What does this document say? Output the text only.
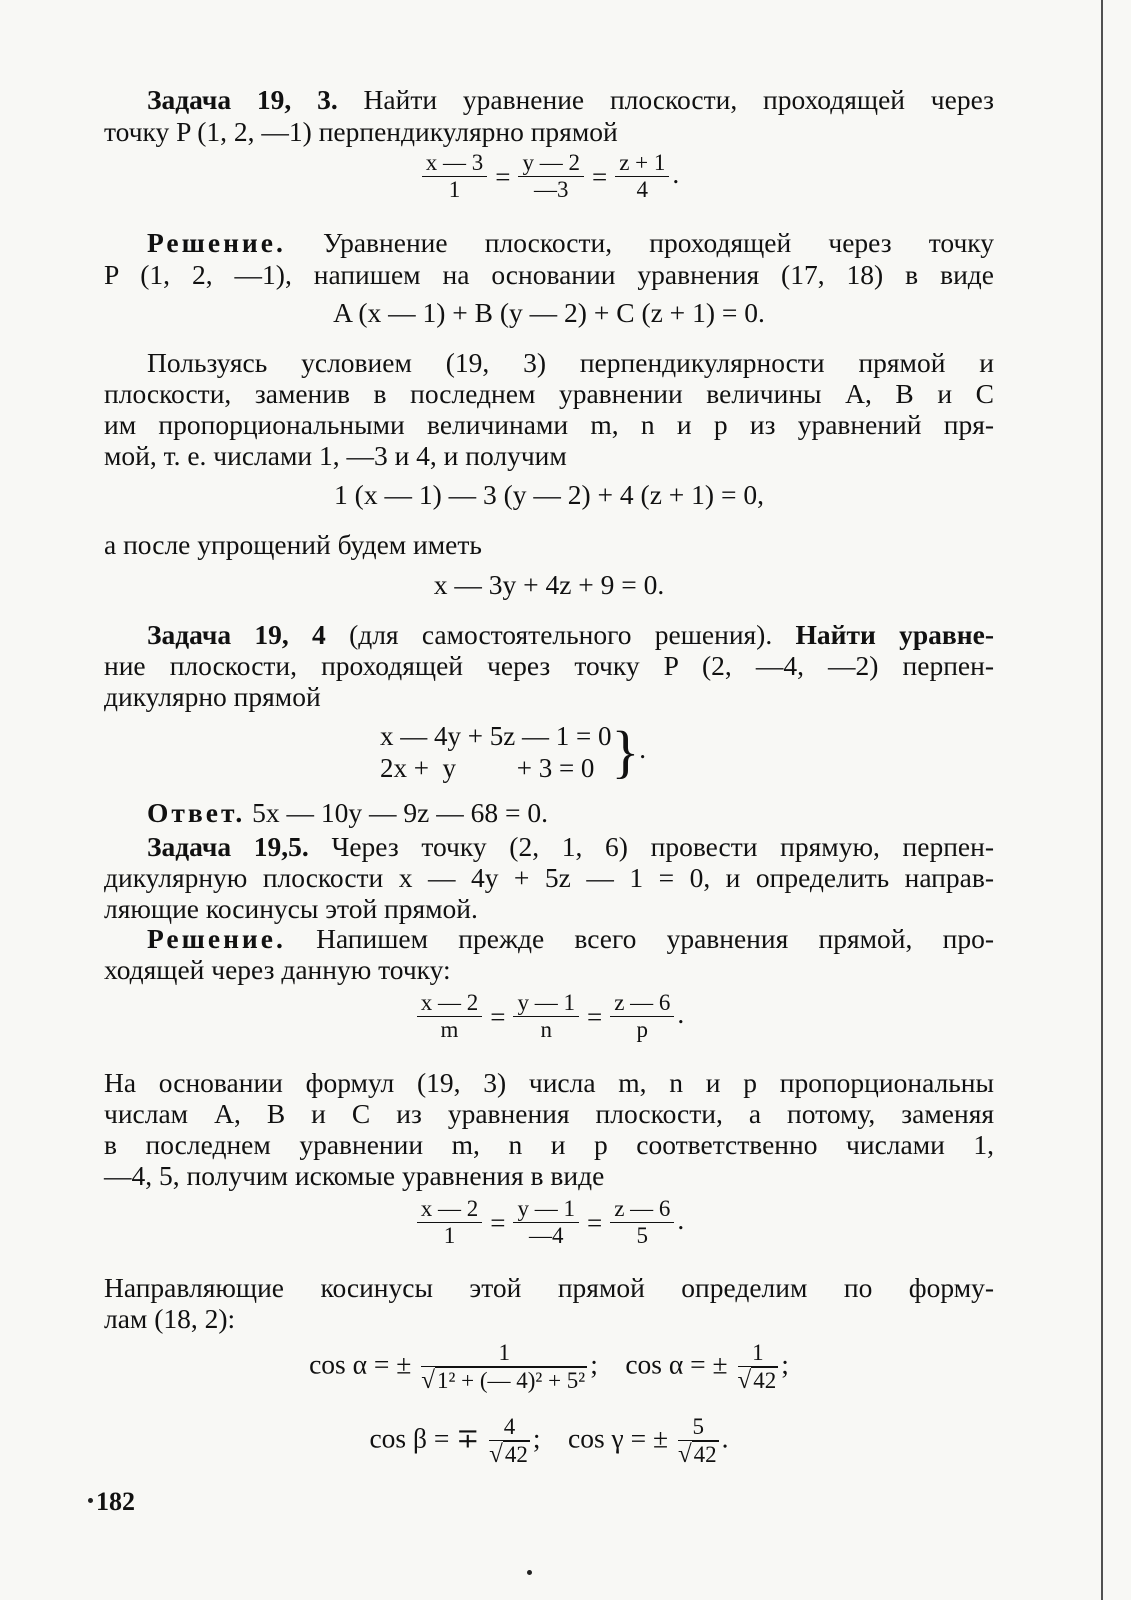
Задача 19, 3. Найти уравнение плоскости, проходящей через
точку P (1, 2, —1) перпендикулярно прямой
$\frac{x — 3}{1} = \frac{y — 2}{—3} = \frac{z + 1}{4}$ .
Решение. Уравнение плоскости, проходящей через точку
P (1, 2, —1), напишем на основании уравнения (17, 18) в виде
A (x — 1) + B (y — 2) + C (z + 1) = 0.
Пользуясь условием (19, 3) перпендикулярности прямой и
плоскости, заменив в последнем уравнении величины A, B и C
им пропорциональными величинами m, n и p из уравнений пря-
мой, т. е. числами 1, —3 и 4, и получим
1 (x — 1) — 3 (y — 2) + 4 (z + 1) = 0,
а после упрощений будем иметь
x — 3y + 4z + 9 = 0.
Задача 19, 4 (для самостоятельного решения). Найти уравне-
ние плоскости, проходящей через точку P (2, —4, —2) перпен-
дикулярно прямой
x — 4y + 5z — 1 = 0	}.
2x +  y         + 3 = 0
Ответ. 5x — 10y — 9z — 68 = 0.
Задача 19,5. Через точку (2, 1, 6) провести прямую, перпен-
дикулярную плоскости x — 4y + 5z — 1 = 0, и определить направ-
ляющие косинусы этой прямой.
Решение. Напишем прежде всего уравнения прямой, про-
ходящей через данную точку:
$\frac{x — 2}{m} = \frac{y — 1}{n} = \frac{z — 6}{p}$ .
На основании формул (19, 3) числа m, n и p пропорциональны
числам A, B и C из уравнения плоскости, а потому, заменяя
в последнем уравнении m, n и p соответственно числами 1,
—4, 5, получим искомые уравнения в виде
$\frac{x — 2}{1} = \frac{y — 1}{—4} = \frac{z — 6}{5}$ .
Направляющие косинусы этой прямой определим по форму-
лам (18, 2):
cos α = ± $\frac{1}{\text{√1² + (— 4)² + 5²}}$ ;    cos α = ± $\frac{1}{√42}$ ;
cos β = ∓ $\frac{4}{√42}$ ;    cos γ = ± $\frac{5}{√42}$ .
182
